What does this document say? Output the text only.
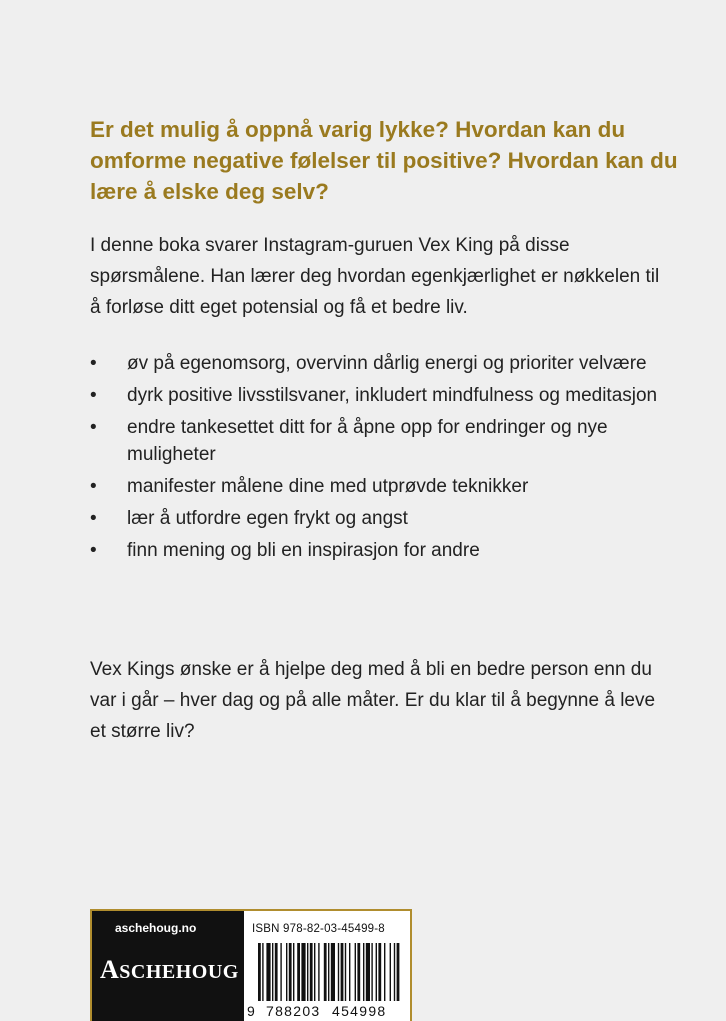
Er det mulig å oppnå varig lykke? Hvordan kan du omforme negative følelser til positive? Hvordan kan du lære å elske deg selv?

I denne boka svarer Instagram-guruen Vex King på disse spørsmålene. Han lærer deg hvordan egenkjærlighet er nøkkelen til å forløse ditt eget potensial og få et bedre liv.

• øv på egenomsorg, overvinn dårlig energi og prioriter velvære
• dyrk positive livsstilsvaner, inkludert mindfulness og meditasjon
• endre tankesettet ditt for å åpne opp for endringer og nye muligheter
• manifester målene dine med utprøvde teknikker
• lær å utfordre egen frykt og angst
• finn mening og bli en inspirasjon for andre

Vex Kings ønske er å hjelpe deg med å bli en bedre person enn du var i går – hver dag og på alle måter. Er du klar til å begynne å leve et større liv?

aschehoug.no
ASCHEHOUG
ISBN 978-82-03-45499-8
9 788203 454998
